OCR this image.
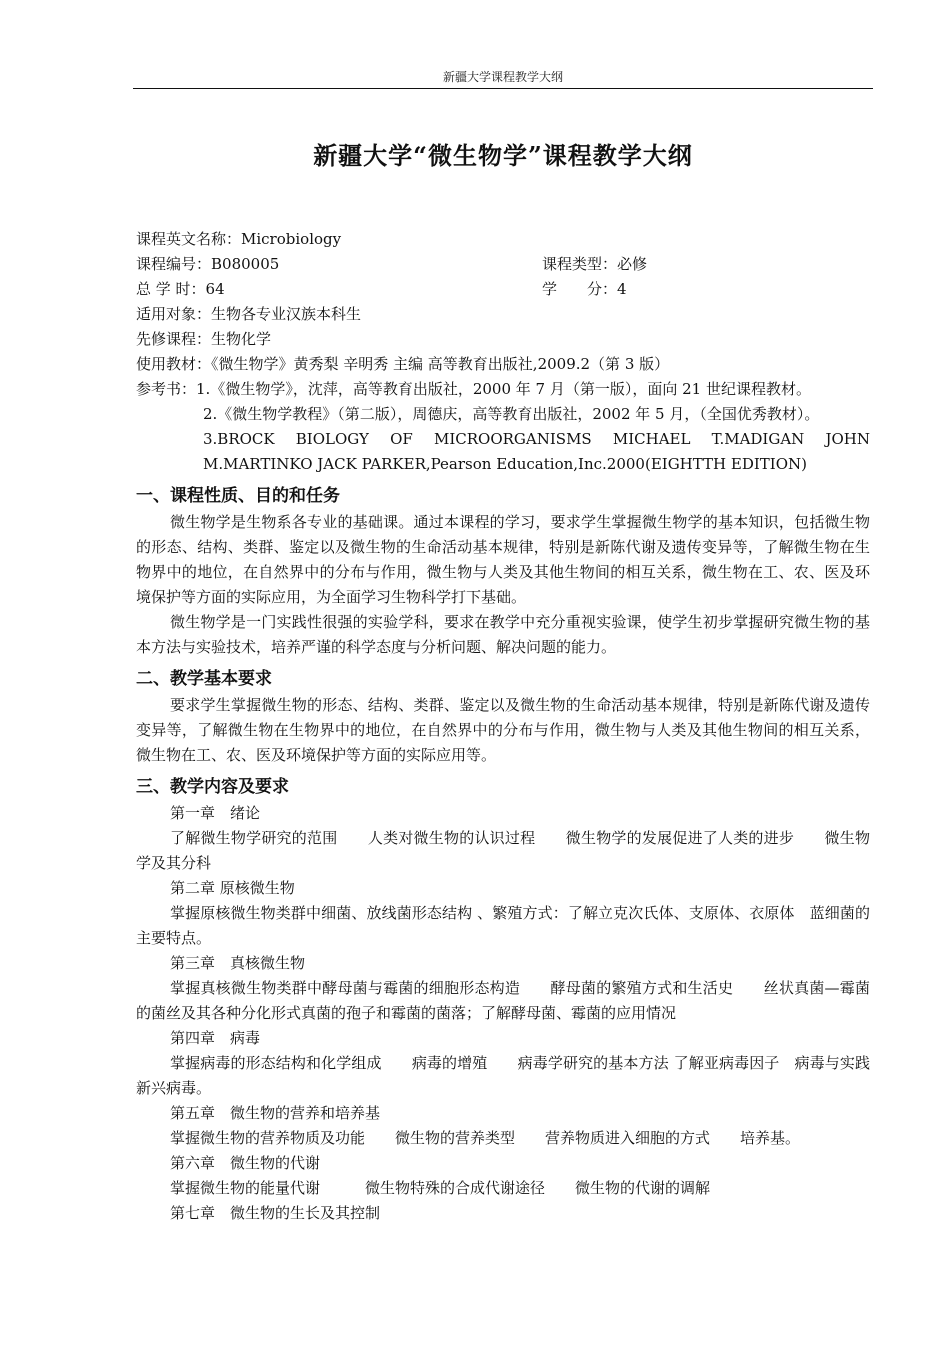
新疆大学课程教学大纲
新疆大学“微生物学”课程教学大纲
课程英文名称：Microbiology
课程编号：B080005	课程类型：必修
总 学 时：64	学　　分：4
适用对象：生物各专业汉族本科生
先修课程：生物化学
使用教材：《微生物学》黄秀梨 辛明秀 主编 高等教育出版社,2009.2（第 3 版）
参考书：1.《微生物学》，沈萍，高等教育出版社，2000 年 7 月（第一版），面向 21 世纪课程教材。
2.《微生物学教程》（第二版），周德庆，高等教育出版社，2002 年 5 月，（全国优秀教材）。
3.BROCK BIOLOGY OF MICROORGANISMS MICHAEL T.MADIGAN JOHN
M.MARTINKO JACK PARKER,Pearson Education,Inc.2000(EIGHTTH EDITION)
一、课程性质、目的和任务

微生物学是生物系各专业的基础课。通过本课程的学习，要求学生掌握微生物学的基本知识，包括微生物的形态、结构、类群、鉴定以及微生物的生命活动基本规律，特别是新陈代谢及遗传变异等，了解微生物在生物界中的地位，在自然界中的分布与作用，微生物与人类及其他生物间的相互关系，微生物在工、农、医及环境保护等方面的实际应用，为全面学习生物科学打下基础。

微生物学是一门实践性很强的实验学科，要求在教学中充分重视实验课，使学生初步掌握研究微生物的基本方法与实验技术，培养严谨的科学态度与分析问题、解决问题的能力。

二、教学基本要求

要求学生掌握微生物的形态、结构、类群、鉴定以及微生物的生命活动基本规律，特别是新陈代谢及遗传变异等，了解微生物在生物界中的地位，在自然界中的分布与作用，微生物与人类及其他生物间的相互关系，微生物在工、农、医及环境保护等方面的实际应用等。

三、教学内容及要求
第一章　绪论
了解微生物学研究的范围　　人类对微生物的认识过程　　微生物学的发展促进了人类的进步　　微生物学及其分科
第二章 原核微生物
掌握原核微生物类群中细菌、放线菌形态结构 、繁殖方式：了解立克次氏体、支原体、衣原体　蓝细菌的主要特点。
第三章　真核微生物
掌握真核微生物类群中酵母菌与霉菌的细胞形态构造　　酵母菌的繁殖方式和生活史　　丝状真菌—霉菌的菌丝及其各种分化形式真菌的孢子和霉菌的菌落；了解酵母菌、霉菌的应用情况
第四章　病毒
掌握病毒的形态结构和化学组成　　病毒的增殖　　病毒学研究的基本方法 了解亚病毒因子　病毒与实践　新兴病毒。
第五章　微生物的营养和培养基
掌握微生物的营养物质及功能　　微生物的营养类型　　营养物质进入细胞的方式　　培养基。
第六章　微生物的代谢
掌握微生物的能量代谢　　　微生物特殊的合成代谢途径　　微生物的代谢的调解
第七章　微生物的生长及其控制
